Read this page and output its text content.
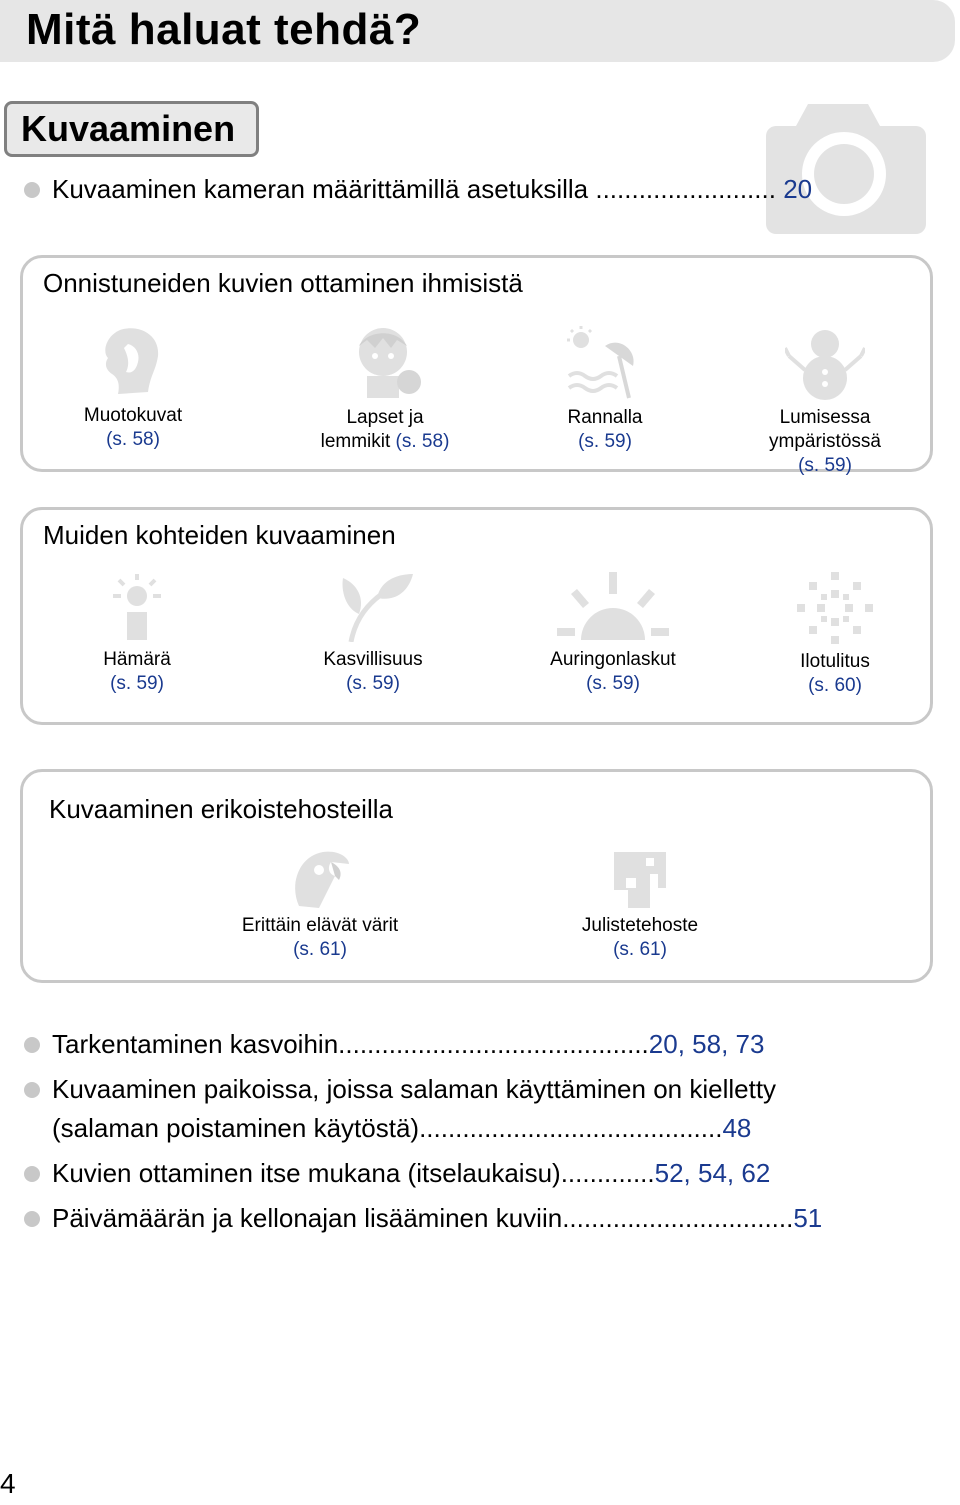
Mitä haluat tehdä?
Kuvaaminen
Kuvaaminen kameran määrittämillä asetuksilla ......................... 20
Onnistuneiden kuvien ottaminen ihmisistä
Muotokuvat
(s. 58)
Lapset ja
lemmikit (s. 58)
Rannalla
(s. 59)
Lumisessa
ympäristössä
(s. 59)
Muiden kohteiden kuvaaminen
Hämärä
(s. 59)
Kasvillisuus
(s. 59)
Auringonlaskut
(s. 59)
Ilotulitus
(s. 60)
Kuvaaminen erikoistehosteilla
Erittäin elävät värit
(s. 61)
Julistetehoste
(s. 61)
Tarkentaminen kasvoihin...........................................20, 58, 73
Kuvaaminen paikoissa, joissa salaman käyttäminen on kielletty
(salaman poistaminen käytöstä)..........................................48
Kuvien ottaminen itse mukana (itselaukaisu).............52, 54, 62
Päivämäärän ja kellonajan lisääminen kuviin................................51
4
